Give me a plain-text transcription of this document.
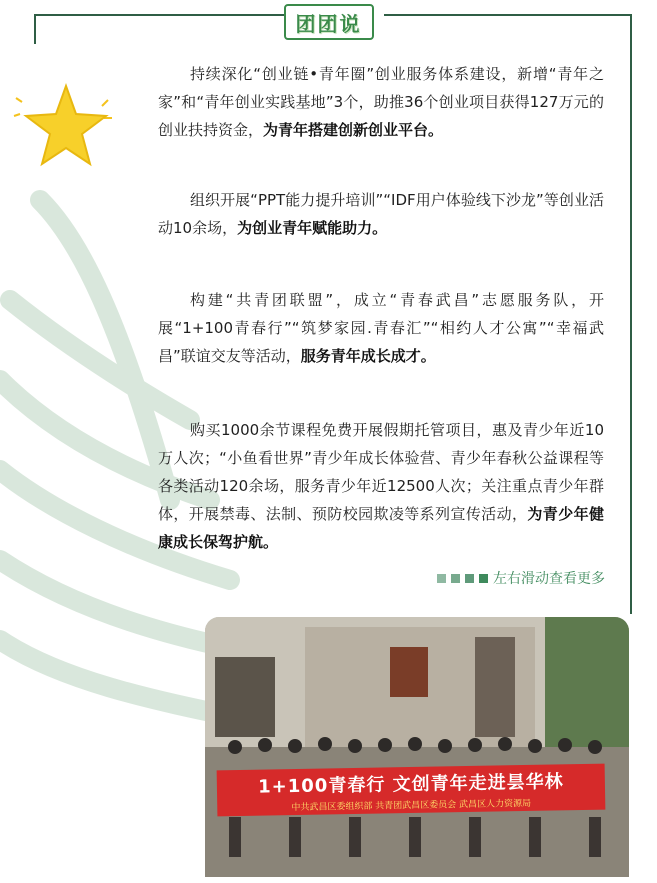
团团说

持续深化“创业链•青年圈”创业服务体系建设，新增“青年之家”和“青年创业实践基地”3个，助推36个创业项目获得127万元的创业扶持资金，为青年搭建创新创业平台。

组织开展“PPT能力提升培训”“IDF用户体验线下沙龙”等创业活动10余场，为创业青年赋能助力。

构建“共青团联盟”，成立“青春武昌”志愿服务队，开展“1+100青春行”“筑梦家园.青春汇”“相约人才公寓”“幸福武昌”联谊交友等活动，服务青年成长成才。

购买1000余节课程免费开展假期托管项目，惠及青少年近10万人次；“小鱼看世界”青少年成长体验营、青少年春秋公益课程等各类活动120余场，服务青少年近12500人次；关注重点青少年群体，开展禁毒、法制、预防校园欺凌等系列宣传活动，为青少年健康成长保驾护航。

左右滑动查看更多
1+100青春行 文创青年走进昙华林
中共武昌区委组织部 共青团武昌区委员会 武昌区人力资源局
